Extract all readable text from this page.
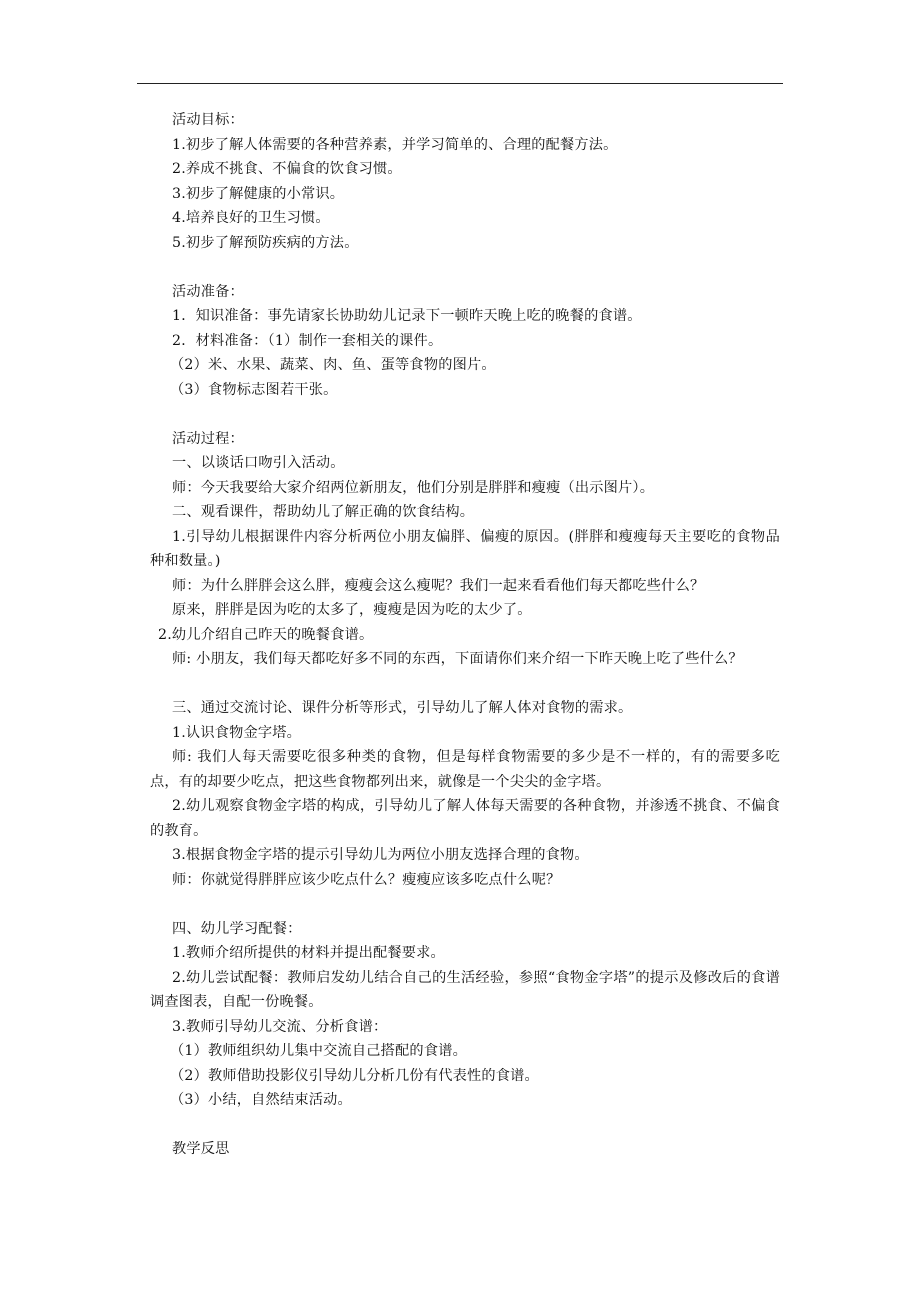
活动目标：
1.初步了解人体需要的各种营养素，并学习简单的、合理的配餐方法。
2.养成不挑食、不偏食的饮食习惯。
3.初步了解健康的小常识。
4.培养良好的卫生习惯。
5.初步了解预防疾病的方法。
活动准备：
1．知识准备：事先请家长协助幼儿记录下一顿昨天晚上吃的晚餐的食谱。
2．材料准备：（1）制作一套相关的课件。
（2）米、水果、蔬菜、肉、鱼、蛋等食物的图片。
（3）食物标志图若干张。
活动过程：
一、以谈话口吻引入活动。
师：今天我要给大家介绍两位新朋友，他们分别是胖胖和瘦瘦（出示图片）。
二、观看课件，帮助幼儿了解正确的饮食结构。
1.引导幼儿根据课件内容分析两位小朋友偏胖、偏瘦的原因。(胖胖和瘦瘦每天主要吃的食物品种和数量。)
师：为什么胖胖会这么胖，瘦瘦会这么瘦呢？我们一起来看看他们每天都吃些什么？
原来，胖胖是因为吃的太多了，瘦瘦是因为吃的太少了。
2.幼儿介绍自己昨天的晚餐食谱。
师: 小朋友，我们每天都吃好多不同的东西，下面请你们来介绍一下昨天晚上吃了些什么？
三、通过交流讨论、课件分析等形式，引导幼儿了解人体对食物的需求。
1.认识食物金字塔。
师: 我们人每天需要吃很多种类的食物，但是每样食物需要的多少是不一样的，有的需要多吃点，有的却要少吃点，把这些食物都列出来，就像是一个尖尖的金字塔。
2.幼儿观察食物金字塔的构成，引导幼儿了解人体每天需要的各种食物，并渗透不挑食、不偏食的教育。
3.根据食物金字塔的提示引导幼儿为两位小朋友选择合理的食物。
师：你就觉得胖胖应该少吃点什么？瘦瘦应该多吃点什么呢？
四、幼儿学习配餐：
1.教师介绍所提供的材料并提出配餐要求。
2.幼儿尝试配餐：教师启发幼儿结合自己的生活经验，参照“食物金字塔”的提示及修改后的食谱调查图表，自配一份晚餐。
3.教师引导幼儿交流、分析食谱：
（1）教师组织幼儿集中交流自己搭配的食谱。
（2）教师借助投影仪引导幼儿分析几份有代表性的食谱。
（3）小结，自然结束活动。
教学反思
